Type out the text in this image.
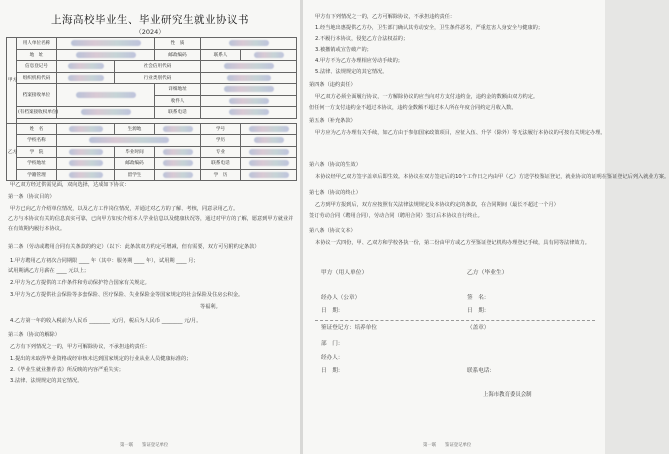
上海高校毕业生、毕业研究生就业协议书
（2024）
甲方	用人单位名称			性　质		
	地　址			邮政编码	联系人	
	信息登记号		社会信用代码			
	组织机构代码		行业类别代码			
	档案接收单位			详细地址		
				收件人		
	(有档案接收权单位)			联系电话		

乙方	姓　名		生源地		学号	
	学校名称				学历	
	学　院		毕业时间		专业	
	学校地址		邮政编码		联系电话	
	学籍管理		留学生		学　历	
甲乙双方经过供需见面，双向选择，达成如下协议：
第一条（协议目的）
甲方已向乙方介绍单位情况，以及乙方工作岗位情况，并通过对乙方的了解、考核，同意录用乙方。
乙方与本协议有关的信息真实可靠，已向甲方如实介绍本人学业信息以及健康状况等，通过对甲方的了解，愿意到甲方就业并
在有效期内履行本协议。
第二条（劳动或聘用合同有关条款的约定）（以下：此条款双方约定可增减，但有需要，双方可另附约定条款）
1.甲方聘用乙方初次合同期限 ____ 年（其中：服务期 ____ 年），试用期 ____ 月；
试用期满乙方月薪在 ____ 元以上；
2.甲方为乙方提供的工作条件和劳动保护符合国家有关规定。
3.甲方为乙方提供社会保险等多套保险、医疗保险、失业保险金等国家规定的社会保险及住房公积金。
等福利。
4.乙方第一年的收入税前为人民币 ________ 元/月，税后为人民币 ________ 元/月。
第三条（协议的解除）
乙方有下列情况之一的，甲方可解除协议，不承担违约责任：
1.提出的未取得毕业资格或经审核未达到国家规定的行业从业人员健康标准的；
2.《毕业生就业推荐表》所反映的内容严重失实；
3.法律、法规规定的其它情况。
第一联　　鉴证登记单位
甲方有下列情况之一的，乙方可解除协议，不承担违约责任：
1.经当地出惠提供乙方办，卫生部门确认其劳动安全，卫生条件恶劣，严重危害人身安全与健康的；
2.不履行本协议，侵犯乙方合法权益的；
3.被撤销或宣告破产的；
4.甲方不为乙方办理相应劳动手续的；
5.法律、法规规定的其它情况。
第四条（违约责任）
甲乙双方必须全面履行协议，一方解除协议的应当向对方支付违约金，违约金的数额由双方约定。
但任何一方支付违约金不超过本协议，违约金数额不超过本人所在年度合同约定月收入数。
第五条（补充条款）
甲方应为乙方办理有关手续，如乙方由于参加国家政策项目，应征入伍、升学（除外）等无法履行本协议的可按有关规定办理。
第六条（协议的生效）
本协议经甲乙双方签字盖章后即生效。本协议在双方签定后的10个工作日之内由甲（乙）方送学校鉴证登记，就业协议的证明在鉴证登记后列入就业方案。
第七条（协议的终止）
乙方到甲方报到后，双方应按照有关法律法规规定及本协议约定的条款，在合同期间（最长不超过一个月）
签订劳动合同（聘用合同），劳动合同（聘用合同）签订后本协议自行终止。
第八条（协议文本）
本协议一式四份，甲、乙双方和学校各执一份，第二份由甲方或乙方至鉴证登记机构办理登记手续，具有同等法律效力。
甲方（用人单位）	乙方（毕业生）
经办人（公章）	签　名：
日　期：	日　期：
鉴证登记方：培养单位	（盖章）
部　门：
经办人：
日　期：	联系电话：
上海市教育委员会制
第一联　　鉴证登记单位
